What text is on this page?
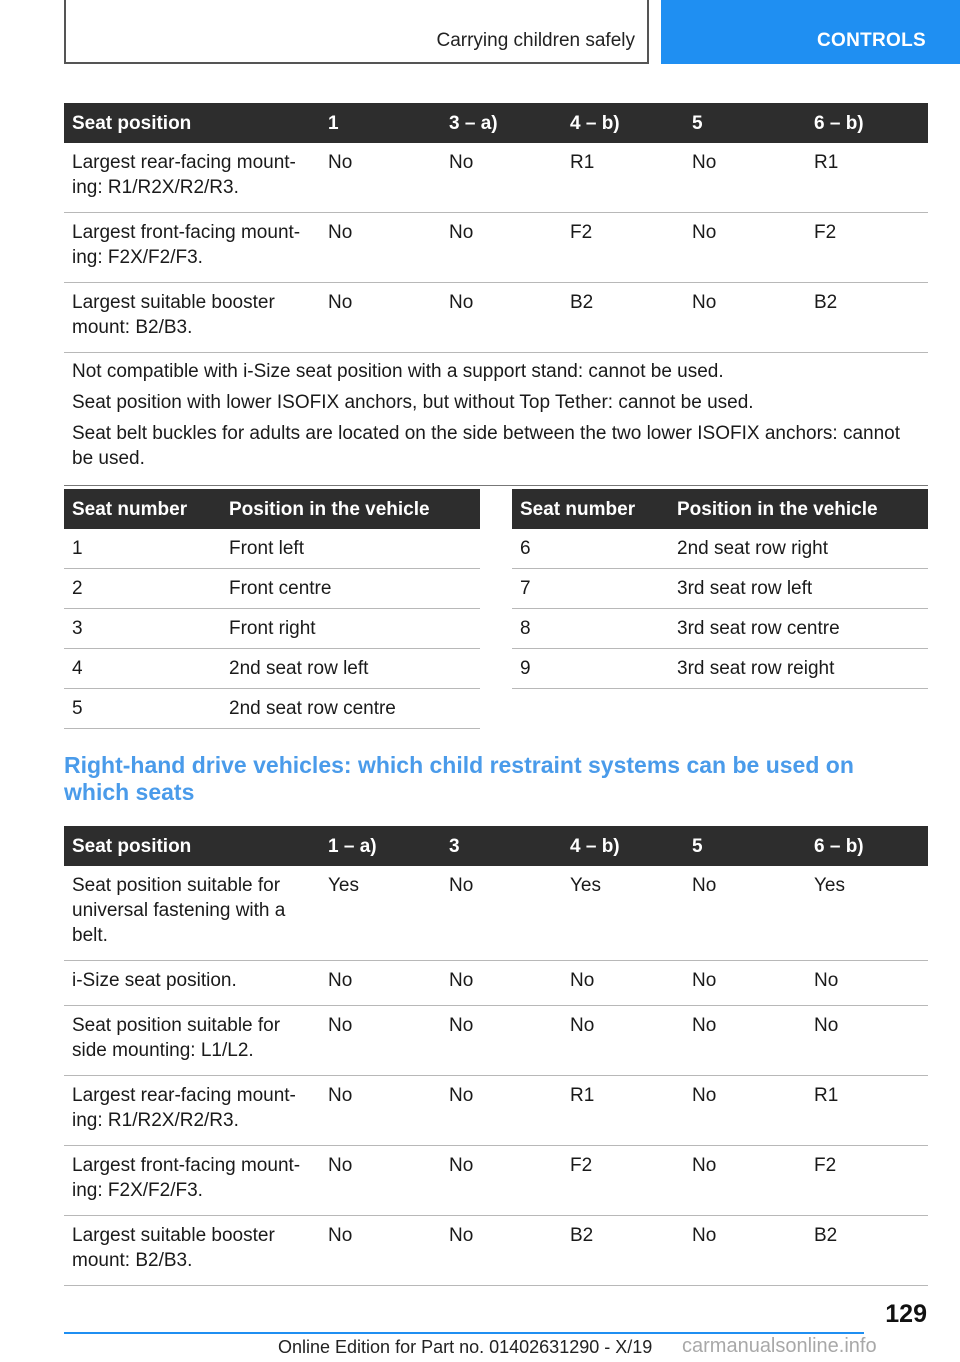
Carrying children safely	CONTROLS
Seat position	1	3 – a)	4 – b)	5	6 – b)
Largest rear-facing mount-ing: R1/R2X/R2/R3.	No	No	R1	No	R1
Largest front-facing mount-ing: F2X/F2/F3.	No	No	F2	No	F2
Largest suitable booster mount: B2/B3.	No	No	B2	No	B2

Not compatible with i-Size seat position with a support stand: cannot be used.

Seat position with lower ISOFIX anchors, but without Top Tether: cannot be used.

Seat belt buckles for adults are located on the side between the two lower ISOFIX anchors: cannot be used.					

Seat number	Position in the vehicle
1	Front left
2	Front centre
3	Front right
4	2nd seat row left
5	2nd seat row centre
Seat number	Position in the vehicle
6	2nd seat row right
7	3rd seat row left
8	3rd seat row centre
9	3rd seat row reight
Right-hand drive vehicles: which child restraint systems can be used on which seats
Seat position	1 – a)	3	4 – b)	5	6 – b)
Seat position suitable for universal fastening with a belt.	Yes	No	Yes	No	Yes
i-Size seat position.	No	No	No	No	No
Seat position suitable for side mounting: L1/L2.	No	No	No	No	No
Largest rear-facing mount-ing: R1/R2X/R2/R3.	No	No	R1	No	R1
Largest front-facing mount-ing: F2X/F2/F3.	No	No	F2	No	F2
Largest suitable booster mount: B2/B3.	No	No	B2	No	B2
129
Online Edition for Part no. 01402631290 - X/19 carmanualsonline.info
